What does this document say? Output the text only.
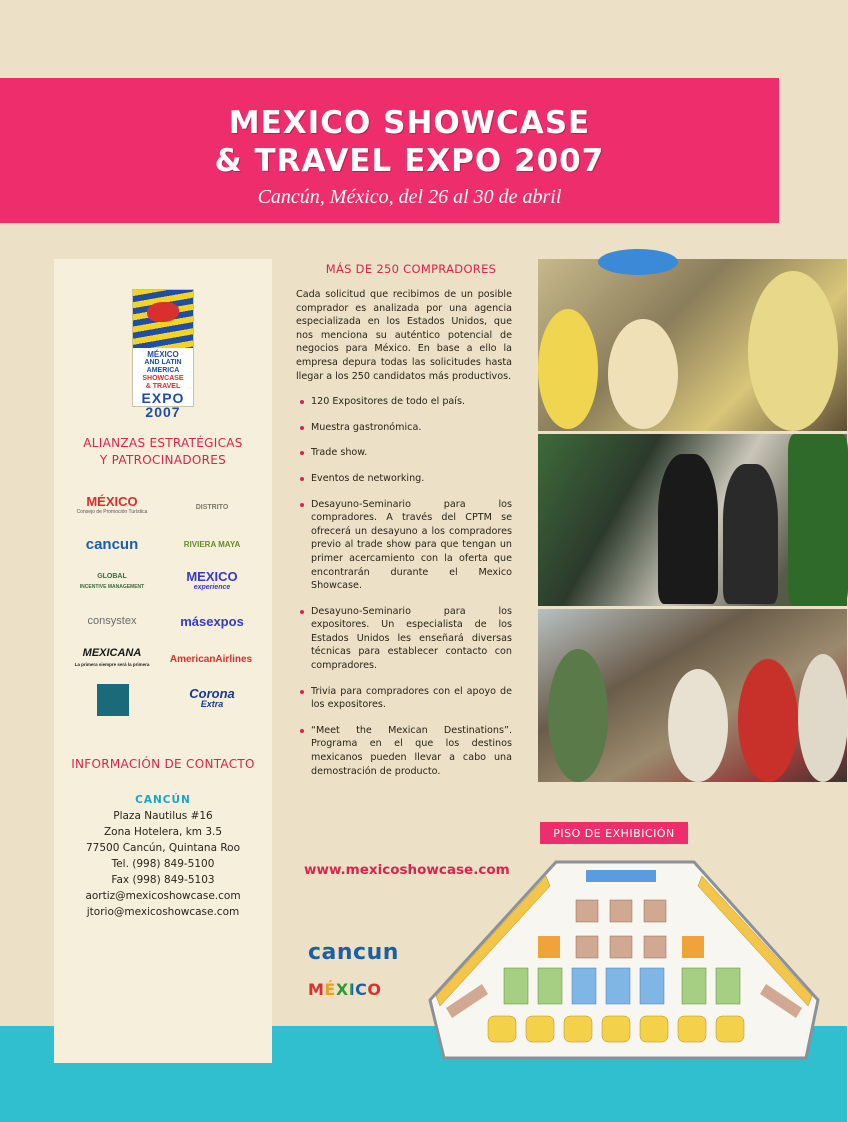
MEXICO SHOWCASE
& TRAVEL EXPO 2007
Cancún, México, del 26 al 30 de abril
MÉXICO
AND LATIN AMERICA
SHOWCASE
& TRAVEL
EXPO
2007
ALIANZAS ESTRATÉGICAS
Y PATROCINADORES
MÉXICO
Consejo de Promoción Turística
DISTRITO
cancun	RIVIERA MAYA
GLOBAL
INCENTIVE MANAGEMENT
MEXICO
experience
consystex	másexpos
MEXICANA
La primera siempre será la primera AmericanAirlines
Corona
Extra
INFORMACIÓN DE CONTACTO
CANCÚN
Plaza Nautilus #16
Zona Hotelera, km 3.5
77500 Cancún, Quintana Roo
Tel. (998) 849-5100
Fax (998) 849-5103
aortiz@mexicoshowcase.com
jtorio@mexicoshowcase.com
MÁS DE 250 COMPRADORES

Cada solicitud que recibimos de un posible comprador es analizada por una agencia especializada en los Estados Unidos, que nos menciona su auténtico potencial de negocios para México. En base a ello la empresa depura todas las solicitudes hasta llegar a los 250 candidatos más productivos.

120 Expositores de todo el país.
Muestra gastronómica.
Trade show.
Eventos de networking.
Desayuno-Seminario para los compradores. A través del CPTM se ofrecerá un desayuno a los compradores previo al trade show para que tengan un primer acercamiento con la oferta que encontrarán durante el Mexico Showcase.
Desayuno-Seminario para los expositores. Un especialista de los Estados Unidos les enseñará diversas técnicas para establecer contacto con compradores.
Trivia para compradores con el apoyo de los expositores.
“Meet the Mexican Destinations”. Programa en el que los destinos mexicanos pueden llevar a cabo una demostración de producto.
www.mexicoshowcase.com
cancun
MÉXICO
PISO DE EXHIBICIÓN
